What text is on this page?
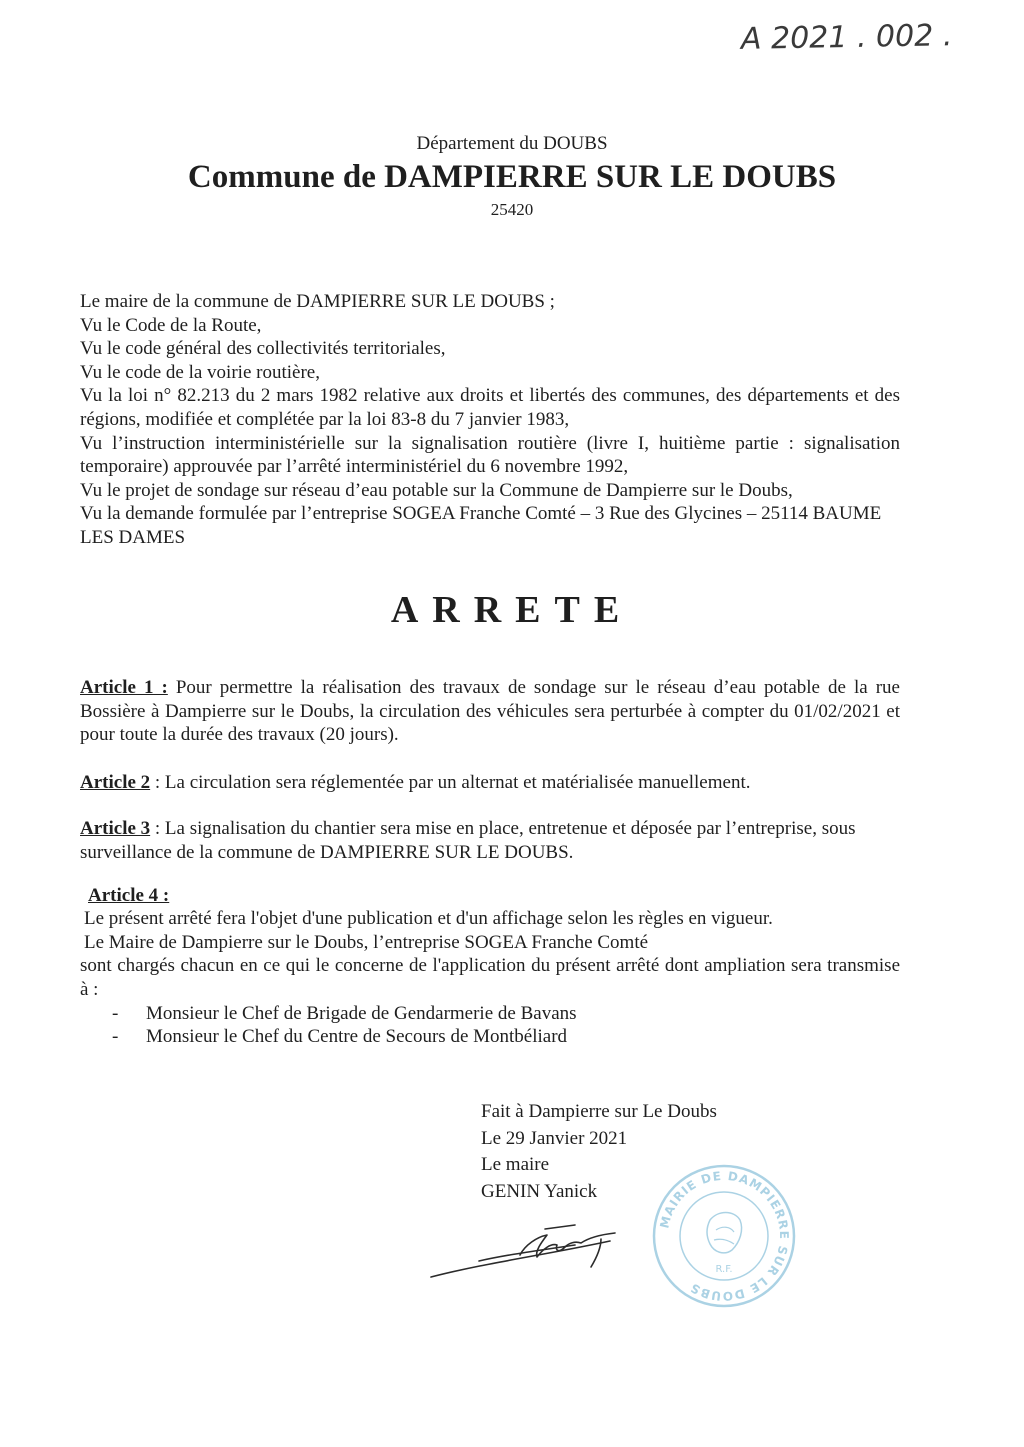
A 2021 . 002 .
Département du DOUBS
Commune de DAMPIERRE SUR LE DOUBS
25420

Le maire de la commune de DAMPIERRE SUR LE DOUBS ;

Vu le Code de la Route,

Vu le code général des collectivités territoriales,

Vu le code de la voirie routière,

Vu la loi n° 82.213 du 2 mars 1982 relative aux droits et libertés des communes, des départements et des régions, modifiée et complétée par la loi 83-8 du 7 janvier 1983,

Vu l’instruction interministérielle sur la signalisation routière (livre I, huitième partie : signalisation temporaire) approuvée par l’arrêté interministériel du 6 novembre 1992,

Vu le projet de sondage sur réseau d’eau potable sur la Commune de Dampierre sur le Doubs,

Vu la demande formulée par l’entreprise SOGEA Franche Comté – 3 Rue des Glycines – 25114 BAUME LES DAMES

ARRETE

Article 1 : Pour permettre la réalisation des travaux de sondage sur le réseau d’eau potable de la rue Bossière à Dampierre sur le Doubs, la circulation des véhicules sera perturbée à compter du 01/02/2021 et pour toute la durée des travaux (20 jours).

Article 2 : La circulation sera réglementée par un alternat et matérialisée manuellement.

Article 3 : La signalisation du chantier sera mise en place, entretenue et déposée par l’entreprise, sous surveillance de la commune de DAMPIERRE SUR LE DOUBS.

Article 4 :

Le présent arrêté fera l'objet d'une publication et d'un affichage selon les règles en vigueur.

Le Maire de Dampierre sur le Doubs, l’entreprise SOGEA Franche Comté

sont chargés chacun en ce qui le concerne de l'application du présent arrêté dont ampliation sera transmise à :

- Monsieur le Chef de Brigade de Gendarmerie de Bavans
- Monsieur le Chef du Centre de Secours de Montbéliard

Fait à Dampierre sur Le Doubs

Le 29 Janvier 2021

Le maire

GENIN Yanick

MAIRIE DE DAMPIERRE SUR LE DOUBS
R.F.
